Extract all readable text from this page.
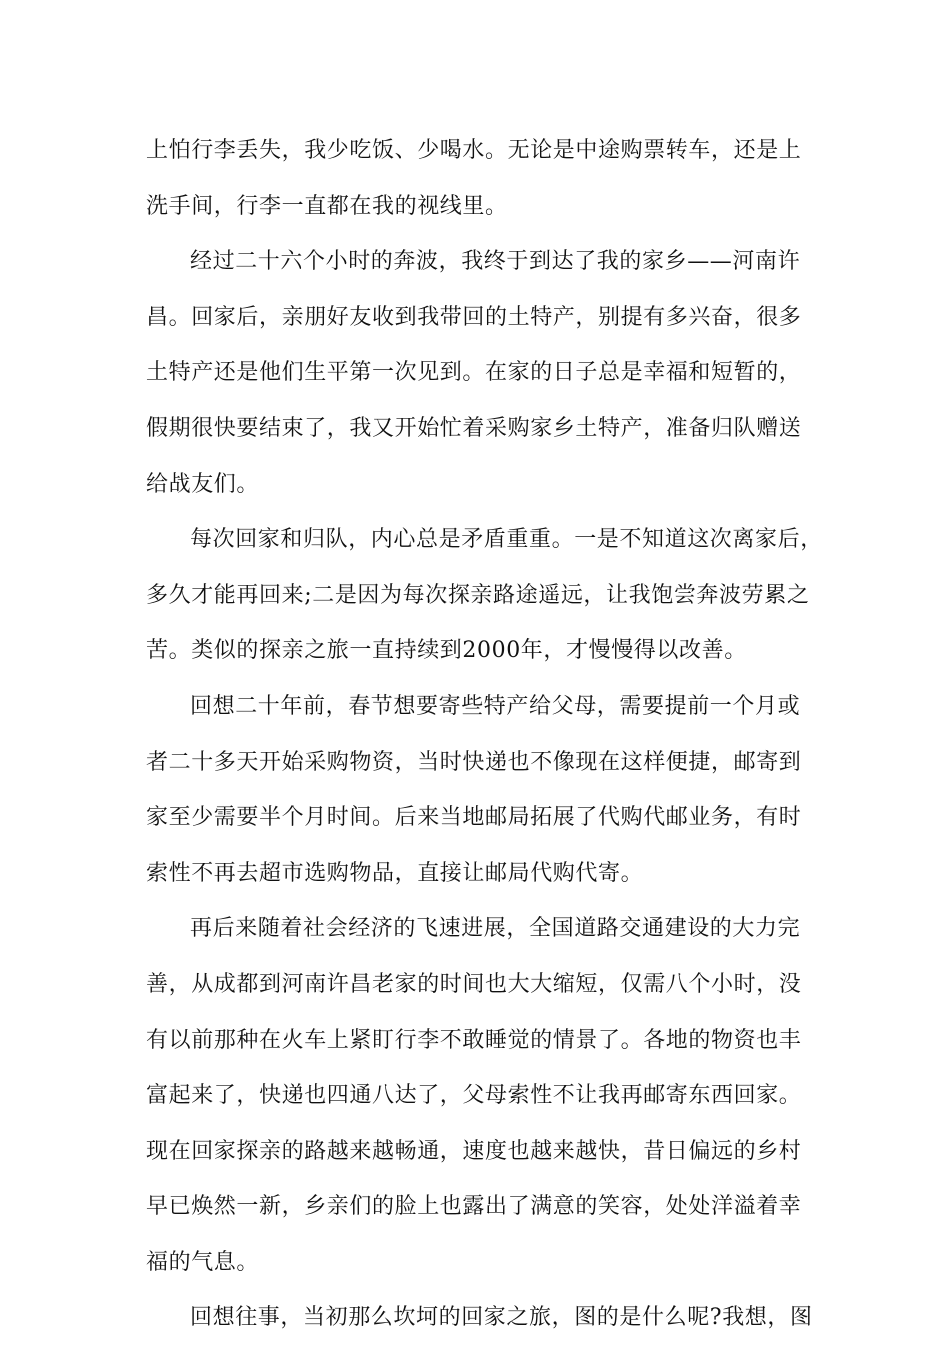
上怕行李丢失，我少吃饭、少喝水。无论是中途购票转车，还是上
洗手间，行李一直都在我的视线里。
经过二十六个小时的奔波，我终于到达了我的家乡——河南许
昌。回家后，亲朋好友收到我带回的土特产，别提有多兴奋，很多
土特产还是他们生平第一次见到。在家的日子总是幸福和短暂的，
假期很快要结束了，我又开始忙着采购家乡土特产，准备归队赠送
给战友们。
每次回家和归队，内心总是矛盾重重。一是不知道这次离家后，
多久才能再回来;二是因为每次探亲路途遥远，让我饱尝奔波劳累之
苦。类似的探亲之旅一直持续到2000年，才慢慢得以改善。
回想二十年前，春节想要寄些特产给父母，需要提前一个月或
者二十多天开始采购物资，当时快递也不像现在这样便捷，邮寄到
家至少需要半个月时间。后来当地邮局拓展了代购代邮业务，有时
索性不再去超市选购物品，直接让邮局代购代寄。
再后来随着社会经济的飞速进展，全国道路交通建设的大力完
善，从成都到河南许昌老家的时间也大大缩短，仅需八个小时，没
有以前那种在火车上紧盯行李不敢睡觉的情景了。各地的物资也丰
富起来了，快递也四通八达了，父母索性不让我再邮寄东西回家。
现在回家探亲的路越来越畅通，速度也越来越快，昔日偏远的乡村
早已焕然一新，乡亲们的脸上也露出了满意的笑容，处处洋溢着幸
福的气息。
回想往事，当初那么坎坷的回家之旅，图的是什么呢?我想，图
